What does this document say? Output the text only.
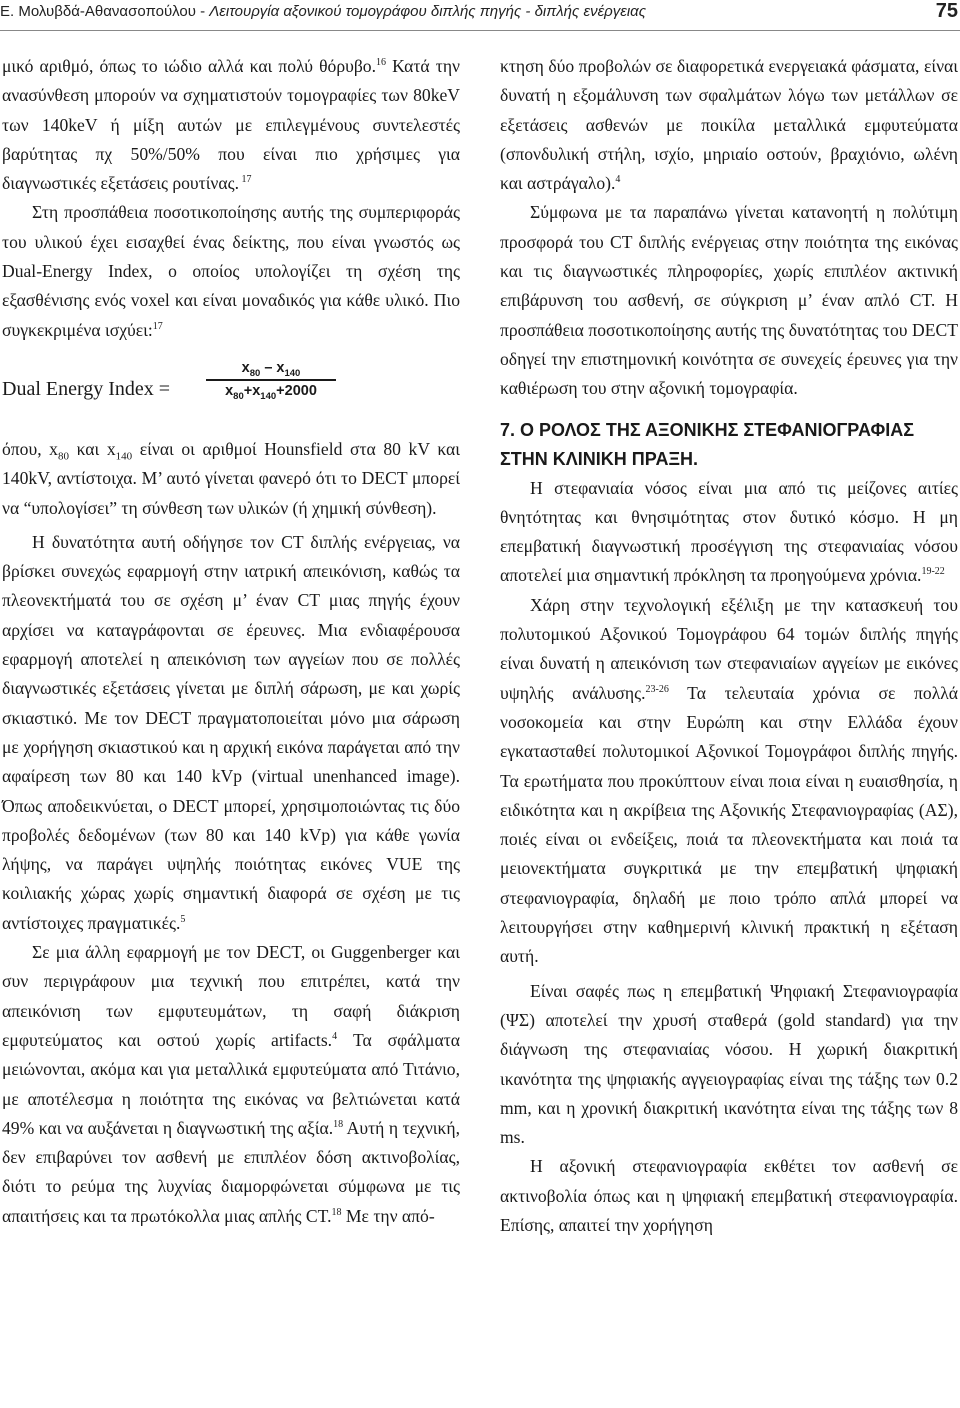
Ε. Μολυβδά-Αθανασοπούλου - Λειτουργία αξονικού τομογράφου διπλής πηγής - διπλής ενέργειας	75

μικό αριθμό, όπως το ιώδιο αλλά και πολύ θόρυβο.$^{16}$ Κατά την ανασύνθεση μπορούν να σχηματιστούν τομογραφίες των 80keV των 140keV ή μίξη αυτών με επιλεγμένους συντελεστές βαρύτητας πχ 50%/50% που είναι πιο χρήσιμες για διαγνωστικές εξετάσεις ρουτίνας. $^{17}$

Στη προσπάθεια ποσοτικοποίησης αυτής της συμπεριφοράς του υλικού έχει εισαχθεί ένας δείκτης, που είναι γνωστός ως Dual-Energy Index, ο οποίος υπολογίζει τη σχέση της εξασθένισης ενός voxel και είναι μοναδικός για κάθε υλικό. Πιο συγκεκριμένα ισχύει:$^{17}$

Dual Energy Index =
$x_{80} - x_{140}$
$x_{80}+x_{140}+2000$

όπου, $x_{80}$ και $x_{140}$ είναι οι αριθμοί Hounsfield στα 80 kV και 140kV, αντίστοιχα. Μ’ αυτό γίνεται φανερό ότι το DECT μπορεί να “υπολογίσει” τη σύνθεση των υλικών (ή χημική σύνθεση).

Η δυνατότητα αυτή οδήγησε τον CT διπλής ενέργειας, να βρίσκει συνεχώς εφαρμογή στην ιατρική απεικόνιση, καθώς τα πλεονεκτήματά του σε σχέση μ’ έναν CT μιας πηγής έχουν αρχίσει να καταγράφονται σε έρευνες. Μια ενδιαφέρουσα εφαρμογή αποτελεί η απεικόνιση των αγγείων που σε πολλές διαγνωστικές εξετάσεις γίνεται με διπλή σάρωση, με και χωρίς σκιαστικό. Με τον DECT πραγματοποιείται μόνο μια σάρωση με χορήγηση σκιαστικού και η αρχική εικόνα παράγεται από την αφαίρεση των 80 και 140 kVp (virtual unenhanced image). Όπως αποδεικνύεται, ο DECT μπορεί, χρησιμοποιώντας τις δύο προβολές δεδομένων (των 80 και 140 kVp) για κάθε γωνία λήψης, να παράγει υψηλής ποιότητας εικόνες VUE της κοιλιακής χώρας χωρίς σημαντική διαφορά σε σχέση με τις αντίστοιχες πραγματικές.$^5$

Σε μια άλλη εφαρμογή με τον DECT, οι Guggenberger και συν περιγράφουν μια τεχνική που επιτρέπει, κατά την απεικόνιση των εμφυτευμάτων, τη σαφή διάκριση εμφυτεύματος και οστού χωρίς artifacts.$^4$ Τα σφάλματα μειώνονται, ακόμα και για μεταλλικά εμφυτεύματα από Τιτάνιο, με αποτέλεσμα η ποιότητα της εικόνας να βελτιώνεται κατά 49% και να αυξάνεται η διαγνωστική της αξία.$^{18}$ Αυτή η τεχνική, δεν επιβαρύνει τον ασθενή με επιπλέον δόση ακτινοβολίας, διότι το ρεύμα της λυχνίας διαμορφώνεται σύμφωνα με τις απαιτήσεις και τα πρωτόκολλα μιας απλής CT.$^{18}$ Με την από-

κτηση δύο προβολών σε διαφορετικά ενεργειακά φάσματα, είναι δυνατή η εξομάλυνση των σφαλμάτων λόγω των μετάλλων σε εξετάσεις ασθενών με ποικίλα μεταλλικά εμφυτεύματα (σπονδυλική στήλη, ισχίο, μηριαίο οστούν, βραχιόνιο, ωλένη και αστράγαλο).$^4$

Σύμφωνα με τα παραπάνω γίνεται κατανοητή η πολύτιμη προσφορά του CT διπλής ενέργειας στην ποιότητα της εικόνας και τις διαγνωστικές πληροφορίες, χωρίς επιπλέον ακτινική επιβάρυνση του ασθενή, σε σύγκριση μ’ έναν απλό CT. Η προσπάθεια ποσοτικοποίησης αυτής της δυνατότητας του DECT οδηγεί την επιστημονική κοινότητα σε συνεχείς έρευνες για την καθιέρωση του στην αξονική τομογραφία.

7. Ο ΡΟΛΟΣ ΤΗΣ ΑΞΟΝΙΚΗΣ ΣΤΕΦΑΝΙΟΓΡΑΦΙΑΣ ΣΤΗΝ ΚΛΙΝΙΚΗ ΠΡΑΞΗ.

Η στεφανιαία νόσος είναι μια από τις μείζονες αιτίες θνητότητας και θνησιμότητας στον δυτικό κόσμο. Η μη επεμβατική διαγνωστική προσέγγιση της στεφανιαίας νόσου αποτελεί μια σημαντική πρόκληση τα προηγούμενα χρόνια.$^{19-22}$

Χάρη στην τεχνολογική εξέλιξη με την κατασκευή του πολυτομικού Αξονικού Τομογράφου 64 τομών διπλής πηγής είναι δυνατή η απεικόνιση των στεφανιαίων αγγείων με εικόνες υψηλής ανάλυσης.$^{23-26}$ Τα τελευταία χρόνια σε πολλά νοσοκομεία και στην Ευρώπη και στην Ελλάδα έχουν εγκατασταθεί πολυτομικοί Αξονικοί Τομογράφοι διπλής πηγής. Τα ερωτήματα που προκύπτουν είναι ποια είναι η ευαισθησία, η ειδικότητα και η ακρίβεια της Αξονικής Στεφανιογραφίας (ΑΣ), ποιές είναι οι ενδείξεις, ποιά τα πλεονεκτήματα και ποιά τα μειονεκτήματα συγκριτικά με την επεμβατική ψηφιακή στεφανιογραφία, δηλαδή με ποιο τρόπο απλά μπορεί να λειτουργήσει στην καθημερινή κλινική πρακτική η εξέταση αυτή.

Είναι σαφές πως η επεμβατική Ψηφιακή Στεφανιογραφία (ΨΣ) αποτελεί την χρυσή σταθερά (gold standard) για την διάγνωση της στεφανιαίας νόσου. Η χωρική διακριτική ικανότητα της ψηφιακής αγγειογραφίας είναι της τάξης των 0.2 mm, και η χρονική διακριτική ικανότητα είναι της τάξης των 8 ms.

Η αξονική στεφανιογραφία εκθέτει τον ασθενή σε ακτινοβολία όπως και η ψηφιακή επεμβατική στεφανιογραφία. Επίσης, απαιτεί την χορήγηση
